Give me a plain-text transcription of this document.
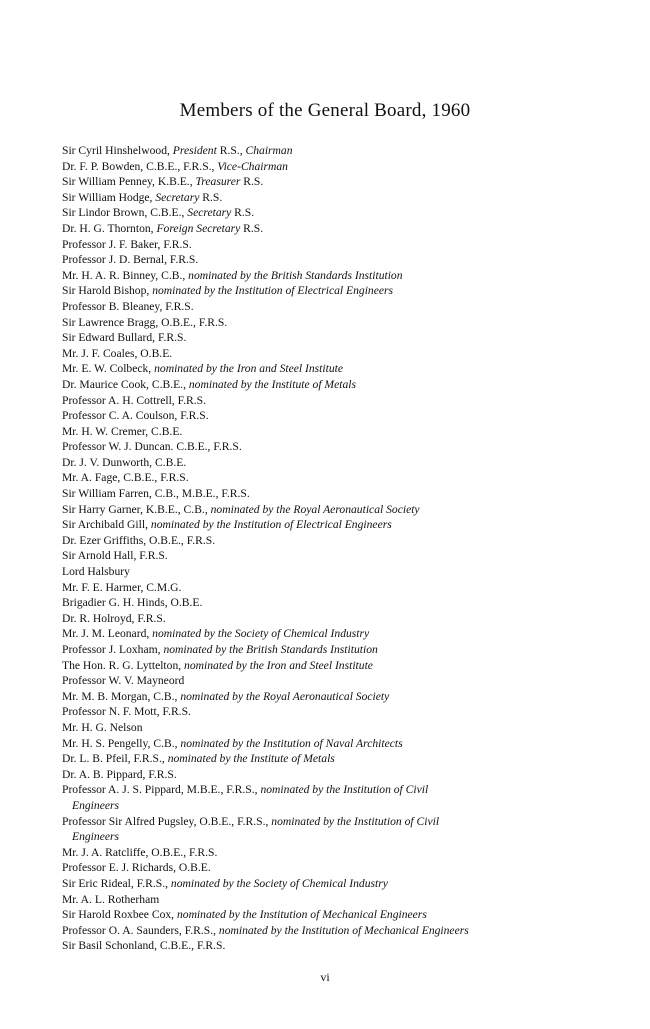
Members of the General Board, 1960
Sir Cyril Hinshelwood, President R.S., Chairman
Dr. F. P. Bowden, C.B.E., F.R.S., Vice-Chairman
Sir William Penney, K.B.E., Treasurer R.S.
Sir William Hodge, Secretary R.S.
Sir Lindor Brown, C.B.E., Secretary R.S.
Dr. H. G. Thornton, Foreign Secretary R.S.
Professor J. F. Baker, F.R.S.
Professor J. D. Bernal, F.R.S.
Mr. H. A. R. Binney, C.B., nominated by the British Standards Institution
Sir Harold Bishop, nominated by the Institution of Electrical Engineers
Professor B. Bleaney, F.R.S.
Sir Lawrence Bragg, O.B.E., F.R.S.
Sir Edward Bullard, F.R.S.
Mr. J. F. Coales, O.B.E.
Mr. E. W. Colbeck, nominated by the Iron and Steel Institute
Dr. Maurice Cook, C.B.E., nominated by the Institute of Metals
Professor A. H. Cottrell, F.R.S.
Professor C. A. Coulson, F.R.S.
Mr. H. W. Cremer, C.B.E.
Professor W. J. Duncan. C.B.E., F.R.S.
Dr. J. V. Dunworth, C.B.E.
Mr. A. Fage, C.B.E., F.R.S.
Sir William Farren, C.B., M.B.E., F.R.S.
Sir Harry Garner, K.B.E., C.B., nominated by the Royal Aeronautical Society
Sir Archibald Gill, nominated by the Institution of Electrical Engineers
Dr. Ezer Griffiths, O.B.E., F.R.S.
Sir Arnold Hall, F.R.S.
Lord Halsbury
Mr. F. E. Harmer, C.M.G.
Brigadier G. H. Hinds, O.B.E.
Dr. R. Holroyd, F.R.S.
Mr. J. M. Leonard, nominated by the Society of Chemical Industry
Professor J. Loxham, nominated by the British Standards Institution
The Hon. R. G. Lyttelton, nominated by the Iron and Steel Institute
Professor W. V. Mayneord
Mr. M. B. Morgan, C.B., nominated by the Royal Aeronautical Society
Professor N. F. Mott, F.R.S.
Mr. H. G. Nelson
Mr. H. S. Pengelly, C.B., nominated by the Institution of Naval Architects
Dr. L. B. Pfeil, F.R.S., nominated by the Institute of Metals
Dr. A. B. Pippard, F.R.S.
Professor A. J. S. Pippard, M.B.E., F.R.S., nominated by the Institution of Civil
Engineers
Professor Sir Alfred Pugsley, O.B.E., F.R.S., nominated by the Institution of Civil
Engineers
Mr. J. A. Ratcliffe, O.B.E., F.R.S.
Professor E. J. Richards, O.B.E.
Sir Eric Rideal, F.R.S., nominated by the Society of Chemical Industry
Mr. A. L. Rotherham
Sir Harold Roxbee Cox, nominated by the Institution of Mechanical Engineers
Professor O. A. Saunders, F.R.S., nominated by the Institution of Mechanical Engineers
Sir Basil Schonland, C.B.E., F.R.S.
vi
